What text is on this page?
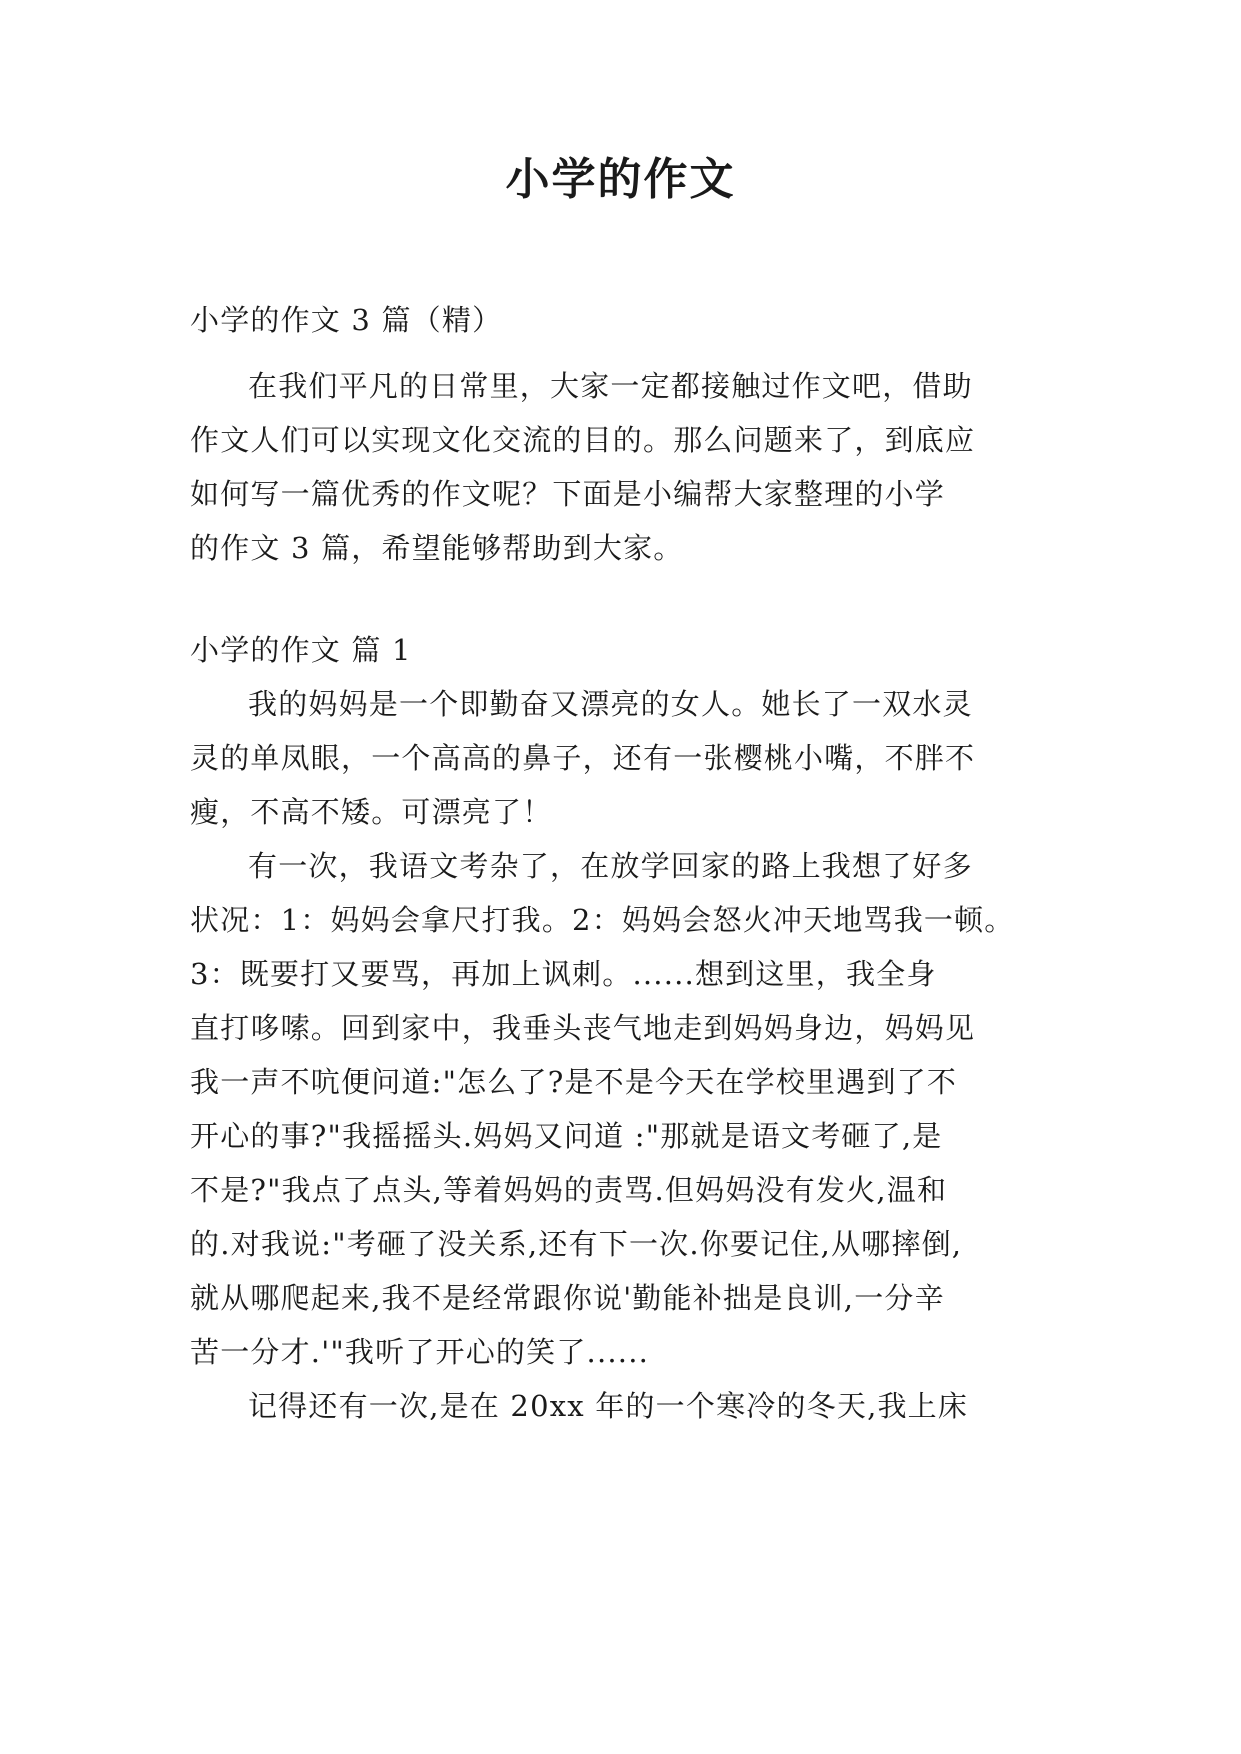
小学的作文
小学的作文 3 篇（精）
在我们平凡的日常里，大家一定都接触过作文吧，借助
作文人们可以实现文化交流的目的。那么问题来了，到底应
如何写一篇优秀的作文呢？下面是小编帮大家整理的小学
的作文 3 篇，希望能够帮助到大家。
小学的作文 篇 1
我的妈妈是一个即勤奋又漂亮的女人。她长了一双水灵
灵的单凤眼，一个高高的鼻子，还有一张樱桃小嘴，不胖不
瘦，不高不矮。可漂亮了！
有一次，我语文考杂了，在放学回家的路上我想了好多
状况：1：妈妈会拿尺打我。2：妈妈会怒火冲天地骂我一顿。
3：既要打又要骂，再加上讽刺。......想到这里，我全身
直打哆嗦。回到家中，我垂头丧气地走到妈妈身边，妈妈见
我一声不吭便问道:"怎么了?是不是今天在学校里遇到了不
开心的事?"我摇摇头.妈妈又问道 :"那就是语文考砸了,是
不是?"我点了点头,等着妈妈的责骂.但妈妈没有发火,温和
的.对我说:"考砸了没关系,还有下一次.你要记住,从哪摔倒,
就从哪爬起来,我不是经常跟你说'勤能补拙是良训,一分辛
苦一分才.'"我听了开心的笑了......
记得还有一次,是在 20xx 年的一个寒冷的冬天,我上床
